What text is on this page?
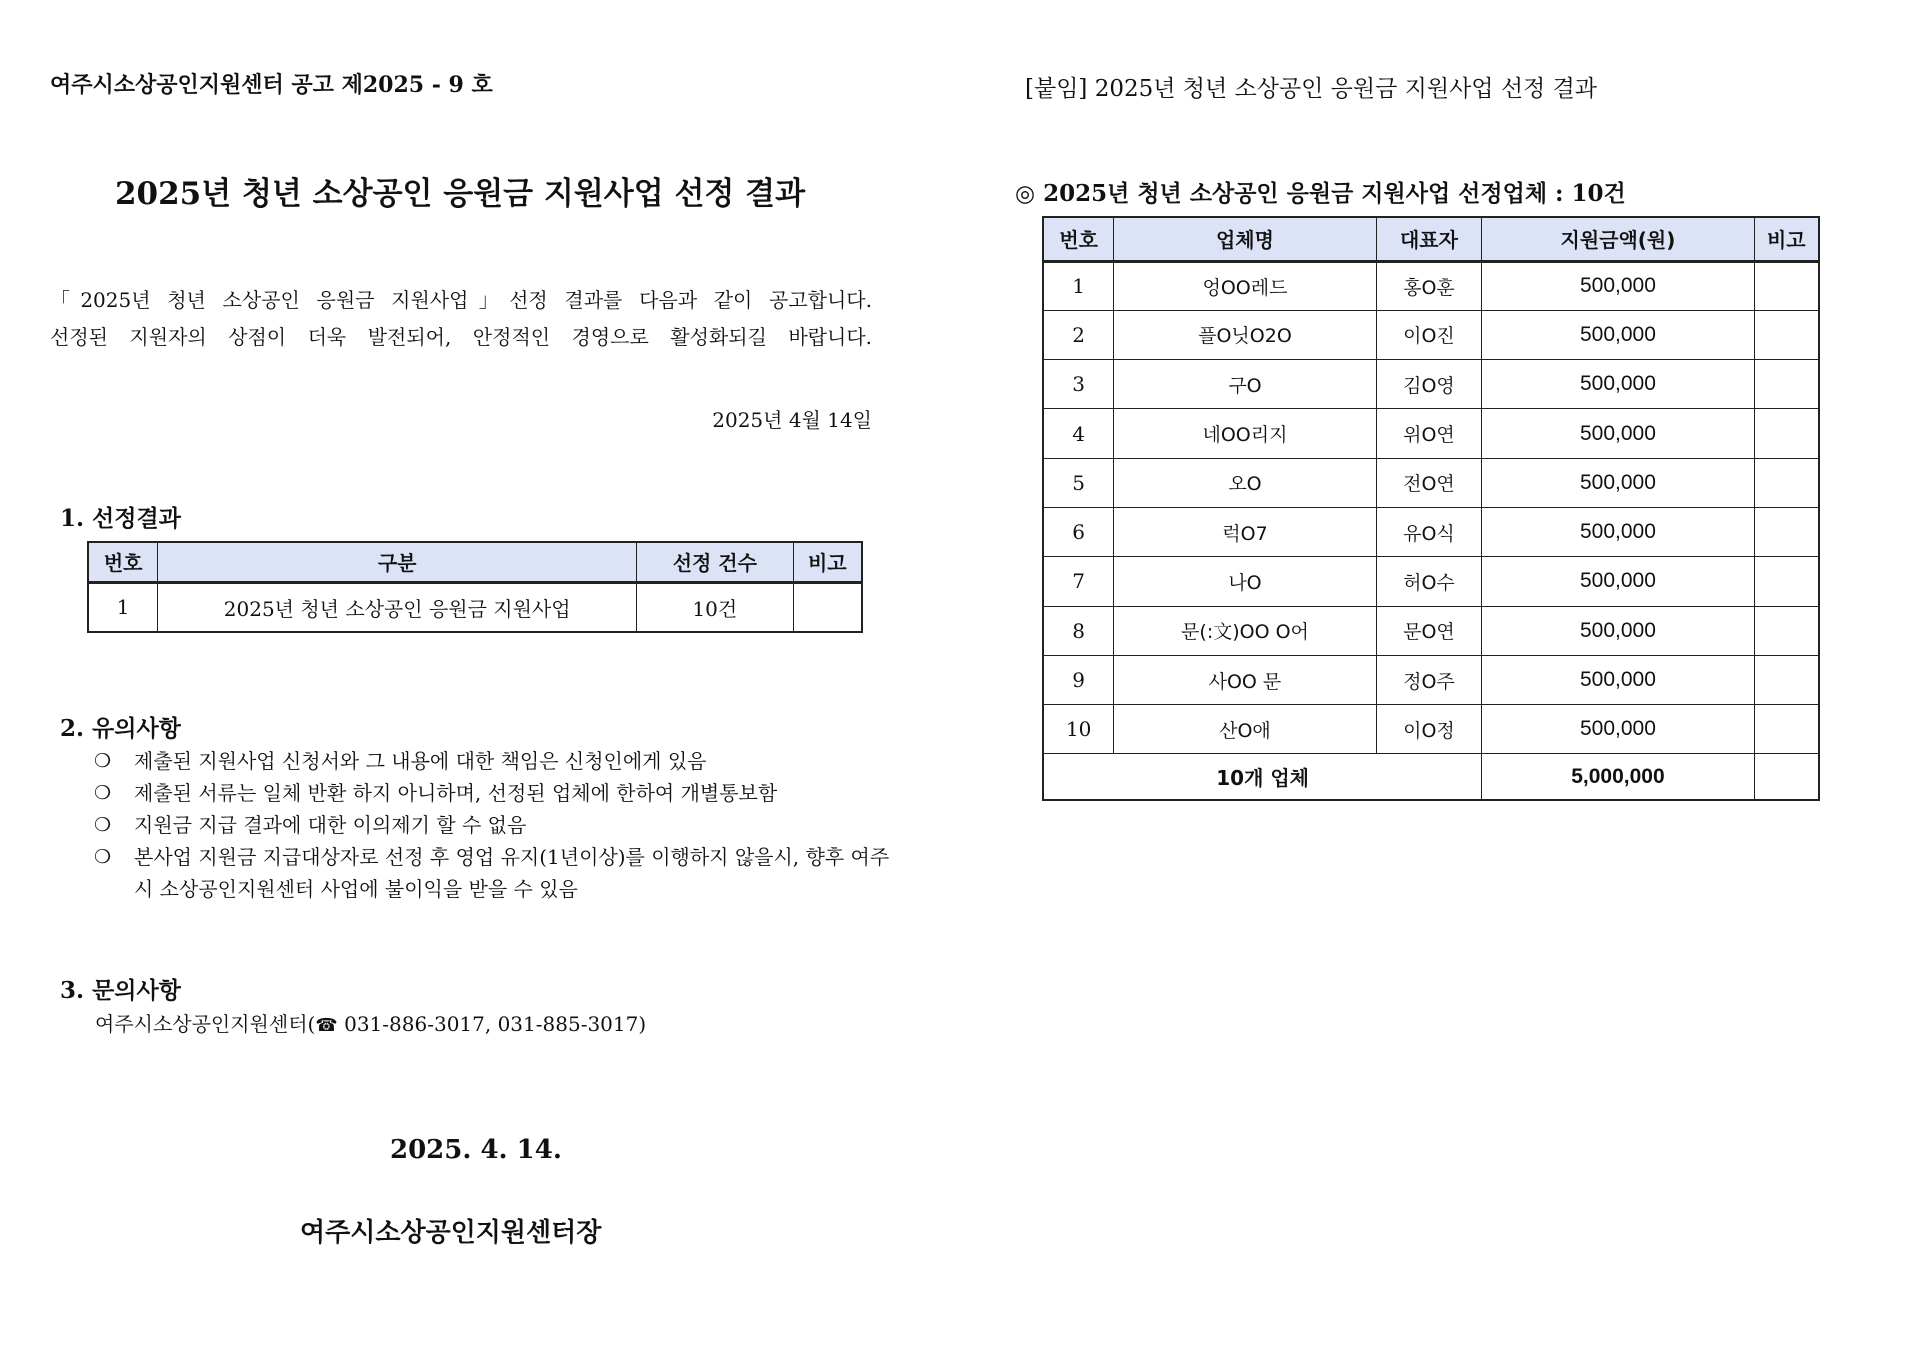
여주시소상공인지원센터 공고 제2025 - 9 호
2025년 청년 소상공인 응원금 지원사업 선정 결과

「2025년 청년 소상공인 응원금 지원사업」선정 결과를 다음과 같이 공고합니다.

선정된 지원자의 상점이 더욱 발전되어, 안정적인 경영으로 활성화되길 바랍니다.

2025년 4월 14일
1. 선정결과
번호	구분	선정 건수	비고
1	2025년 청년 소상공인 응원금 지원사업	10건	
2. 유의사항
❍	제출된 지원사업 신청서와 그 내용에 대한 책임은 신청인에게 있음
❍	제출된 서류는 일체 반환 하지 아니하며, 선정된 업체에 한하여 개별통보함
❍	지원금 지급 결과에 대한 이의제기 할 수 없음
❍	본사업 지원금 지급대상자로 선정 후 영업 유지(1년이상)를 이행하지 않을시, 향후 여주시 소상공인지원센터 사업에 불이익을 받을 수 있음
3. 문의사항
여주시소상공인지원센터(☎ 031-886-3017, 031-885-3017)
2025. 4. 14.
여주시소상공인지원센터장
[붙임] 2025년 청년 소상공인 응원금 지원사업 선정 결과
◎ 2025년 청년 소상공인 응원금 지원사업 선정업체 : 10건
번호	업체명	대표자	지원금액(원)	비고
1	엉OO레드	홍O훈	500,000	
2	플O닛O2O	이O진	500,000	
3	구O	김O영	500,000	
4	네OO리지	위O연	500,000	
5	오O	전O연	500,000	
6	럭O7	유O식	500,000	
7	나O	허O수	500,000	
8	문(:文)OO O어	문O연	500,000	
9	사OO 문	정O주	500,000	
10	산O애	이O정	500,000	
10개 업체			5,000,000	
